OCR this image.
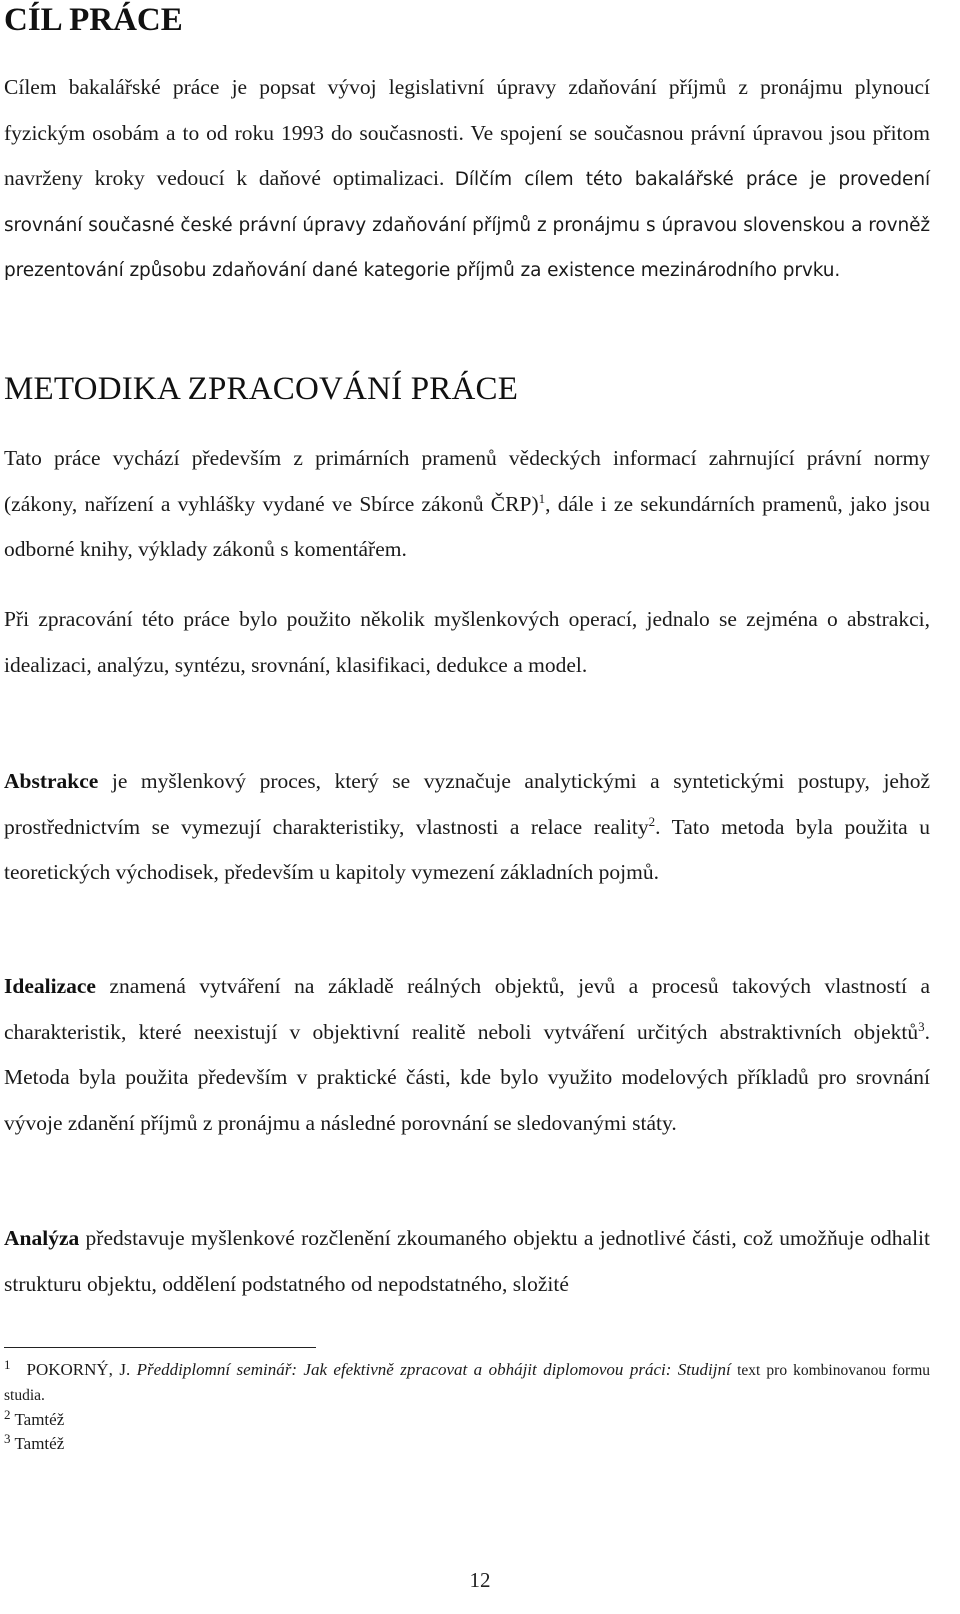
CÍL PRÁCE

Cílem bakalářské práce je popsat vývoj legislativní úpravy zdaňování příjmů z pronájmu plynoucí fyzickým osobám a to od roku 1993 do současnosti. Ve spojení se současnou právní úpravou jsou přitom navrženy kroky vedoucí k daňové optimalizaci. Dílčím cílem této bakalářské práce je provedení srovnání současné české právní úpravy zdaňování příjmů z pronájmu s úpravou slovenskou a rovněž prezentování způsobu zdaňování dané kategorie příjmů za existence mezinárodního prvku.

METODIKA ZPRACOVÁNÍ PRÁCE

Tato práce vychází především z primárních pramenů vědeckých informací zahrnující právní normy (zákony, nařízení a vyhlášky vydané ve Sbírce zákonů ČRP)$^1$, dále i ze sekundárních pramenů, jako jsou odborné knihy, výklady zákonů s komentářem.

Při zpracování této práce bylo použito několik myšlenkových operací, jednalo se zejména o abstrakci, idealizaci, analýzu, syntézu, srovnání, klasifikaci, dedukce a model.

Abstrakce je myšlenkový proces, který se vyznačuje analytickými a syntetickými postupy, jehož prostřednictvím se vymezují charakteristiky, vlastnosti a relace reality$^2$. Tato metoda byla použita u teoretických východisek, především u kapitoly vymezení základních pojmů.

Idealizace znamená vytváření na základě reálných objektů, jevů a procesů takových vlastností a charakteristik, které neexistují v objektivní realitě neboli vytváření určitých abstraktivních objektů$^3$. Metoda byla použita především v praktické části, kde bylo využito modelových příkladů pro srovnání vývoje zdanění příjmů z pronájmu a následné porovnání se sledovanými státy.

Analýza představuje myšlenkové rozčlenění zkoumaného objektu a jednotlivé části, což umožňuje odhalit strukturu objektu, oddělení podstatného od nepodstatného, složité

$^1$ POKORNÝ, J. Předdiplomní seminář: Jak efektivně zpracovat a obhájit diplomovou práci: Studijní text pro kombinovanou formu studia.

$^2$ Tamtéž

$^3$ Tamtéž

12
